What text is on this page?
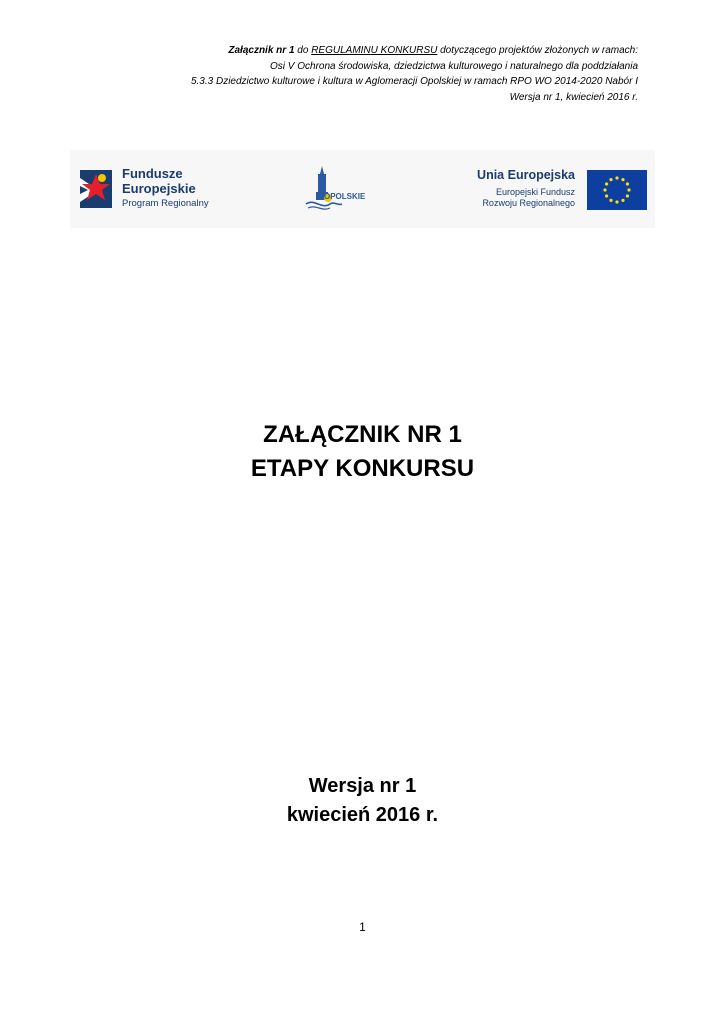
Załącznik nr 1 do REGULAMINU KONKURSU dotyczącego projektów złożonych w ramach:
Osi V Ochrona środowiska, dziedzictwa kulturowego i naturalnego dla poddziałania
5.3.3 Dziedzictwo kulturowe i kultura w Aglomeracji Opolskiej w ramach RPO WO 2014-2020 Nabór I
Wersja nr 1, kwiecień 2016 r.
Fundusze
Europejskie
Program Regionalny
OPOLSKIE
Unia Europejska
Europejski Fundusz
Rozwoju Regionalnego
ZAŁĄCZNIK NR 1
ETAPY KONKURSU
Wersja nr 1
kwiecień 2016 r.
1
